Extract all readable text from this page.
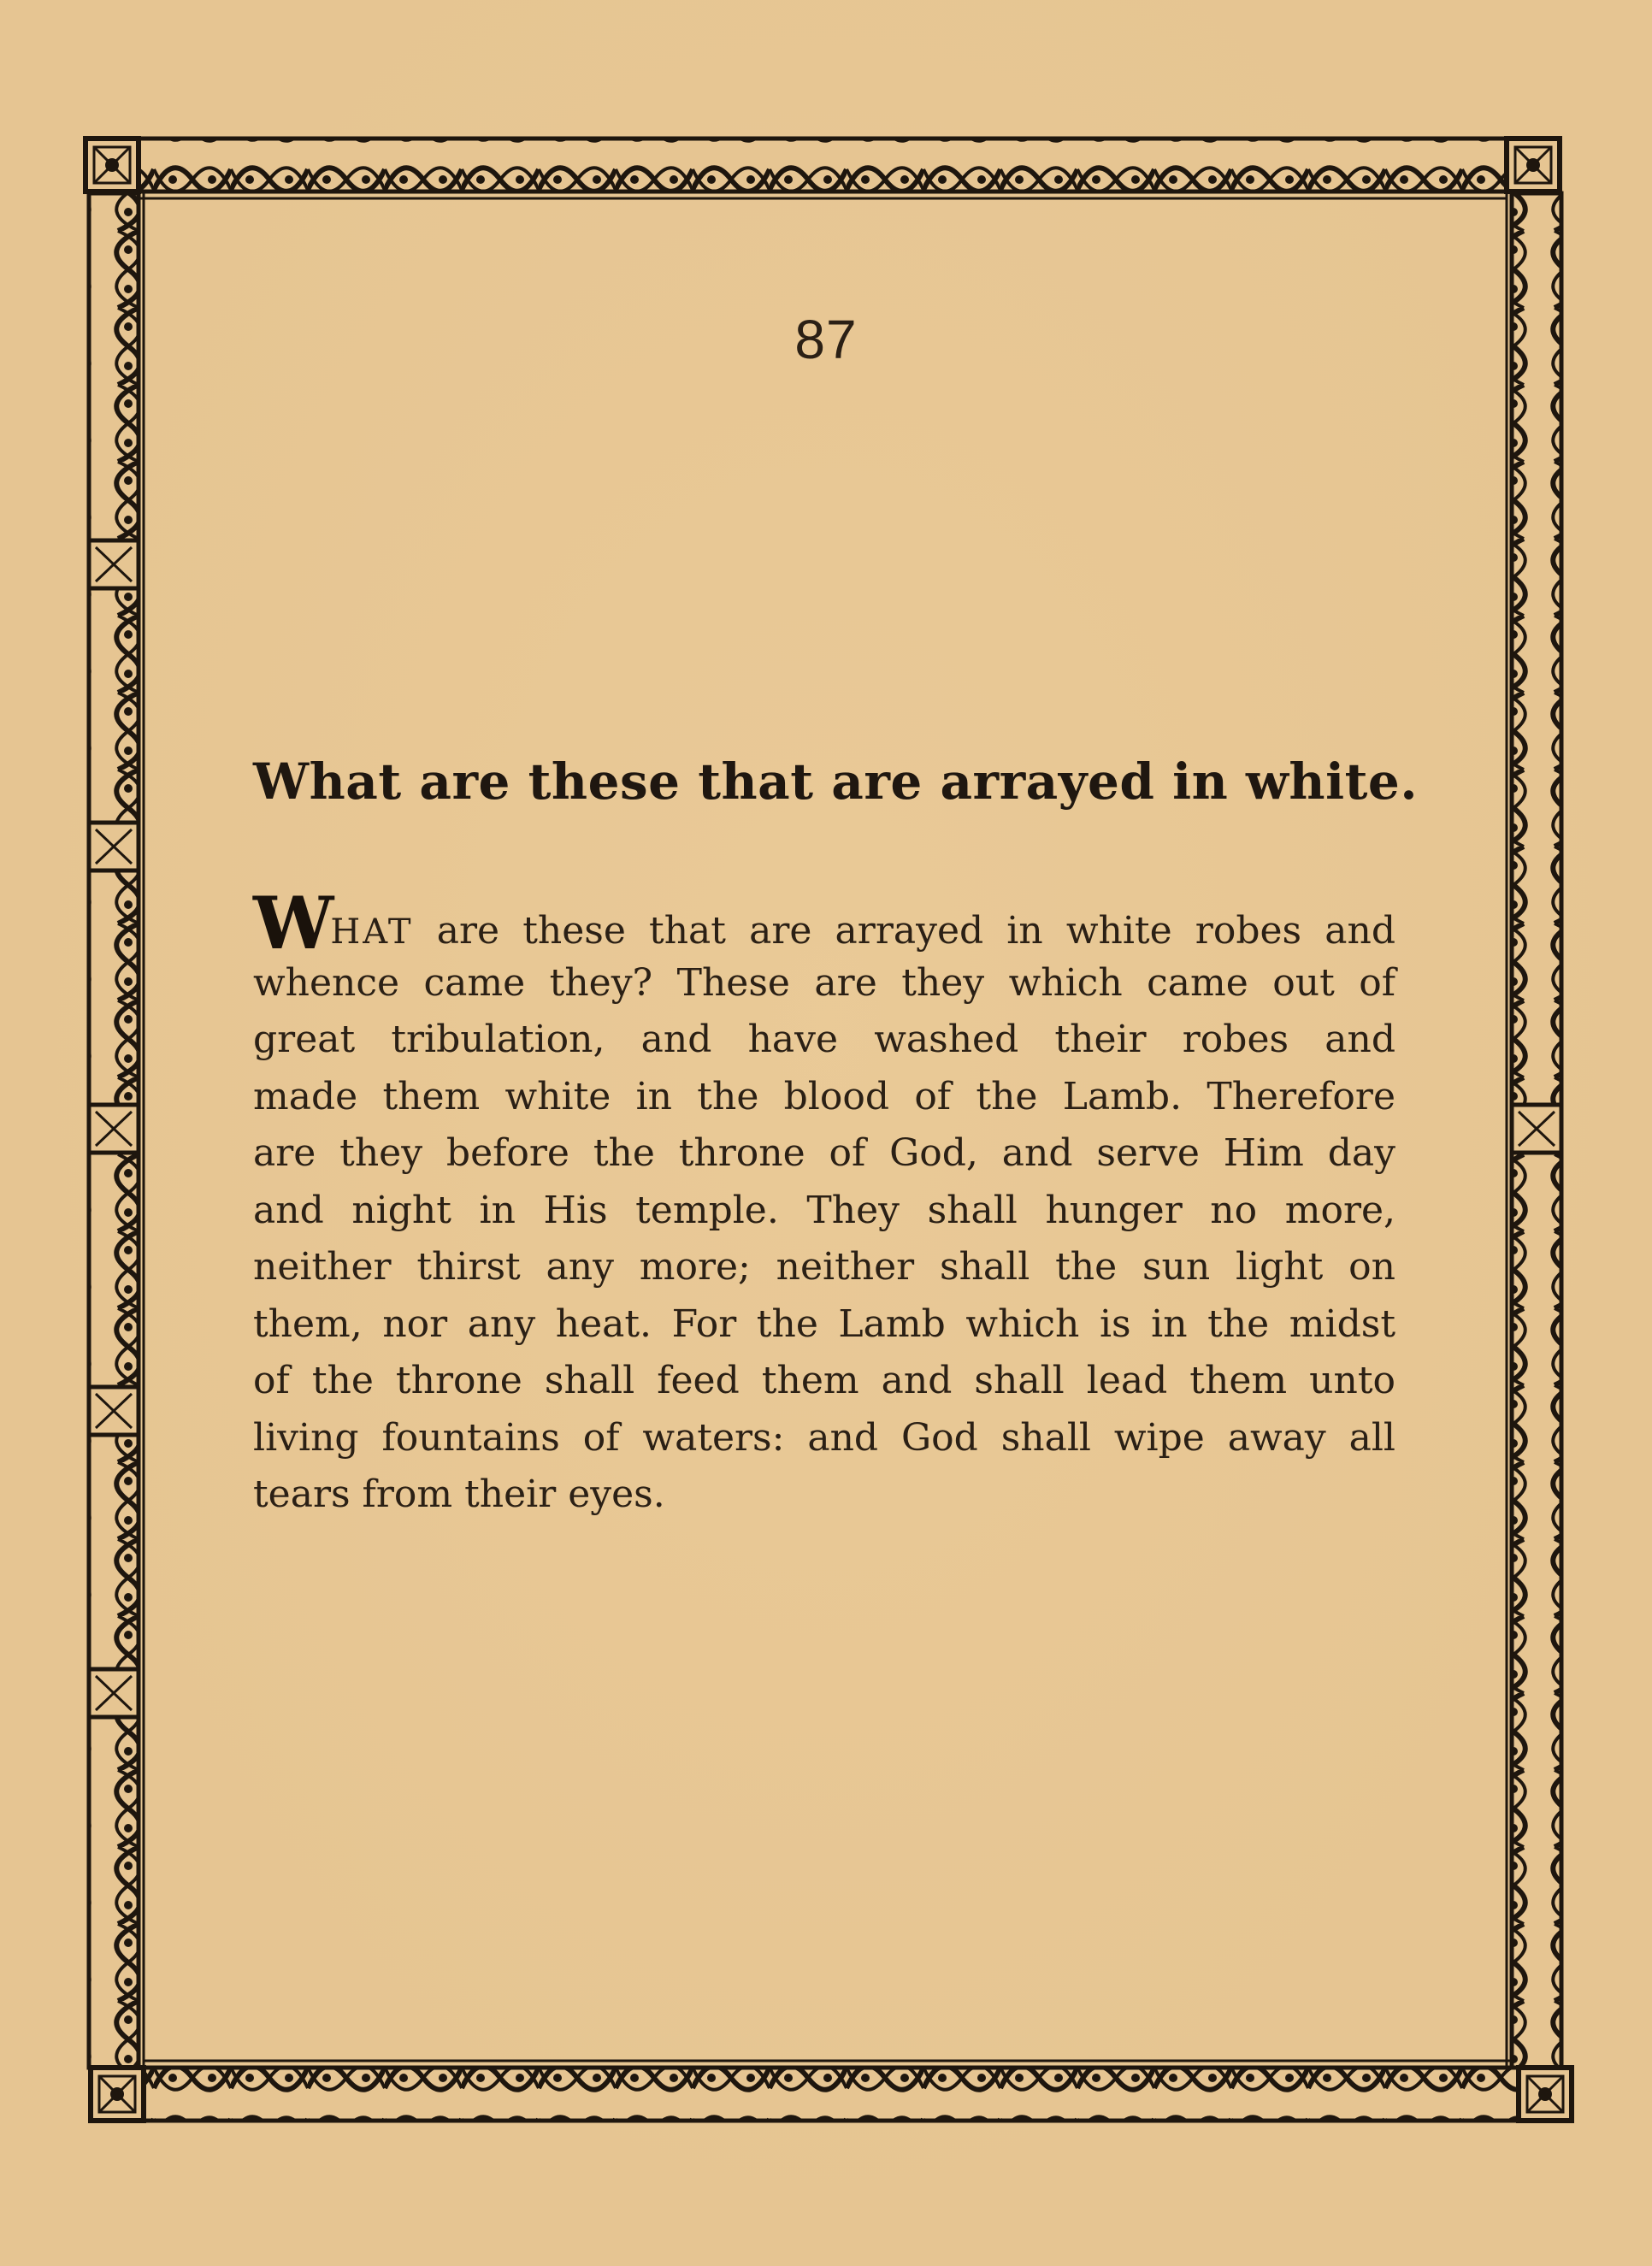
87
What are these that are arrayed in white.
WHAT are these that are arrayed in white robes and
whence came they? These are they which came out of
great tribulation, and have washed their robes and
made them white in the blood of the Lamb. Therefore
are they before the throne of God, and serve Him day
and night in His temple. They shall hunger no more,
neither thirst any more; neither shall the sun light on
them, nor any heat. For the Lamb which is in the midst
of the throne shall feed them and shall lead them unto
living fountains of waters: and God shall wipe away all
tears from their eyes.
